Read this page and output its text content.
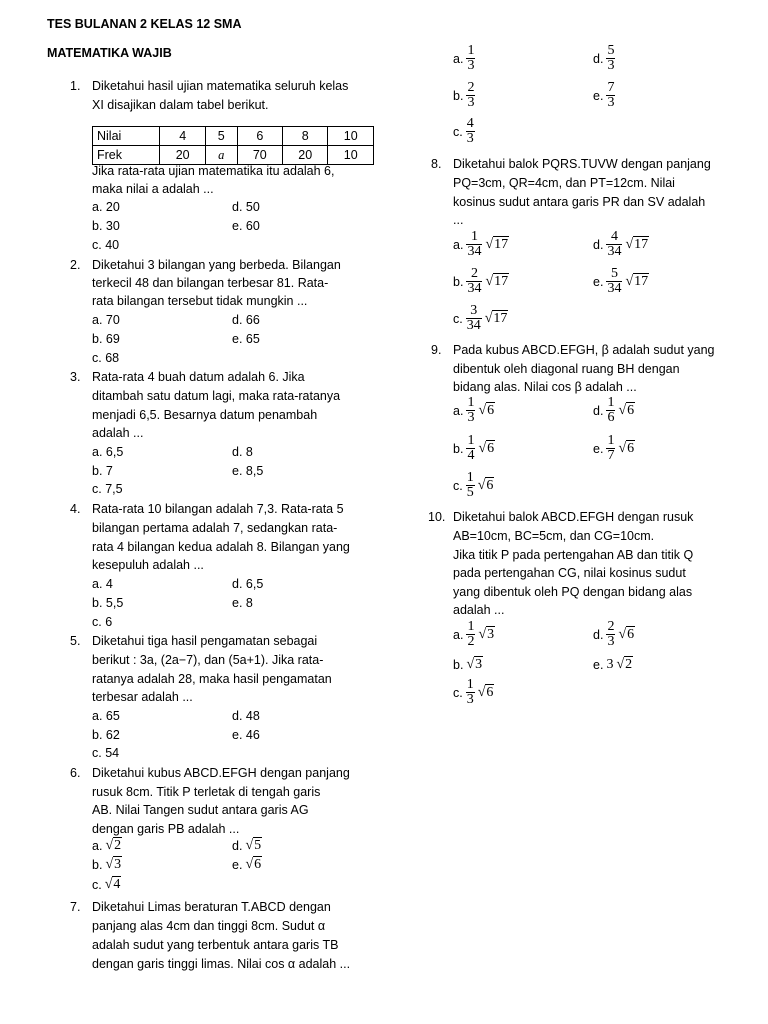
TES BULANAN 2 KELAS 12 SMA
MATEMATIKA WAJIB
1. Diketahui hasil ujian matematika seluruh kelas
XI disajikan dalam tabel berikut.
Nilai	4	5	6	8	10
Frek	20	a	70	20	10
Jika rata-rata ujian matematika itu adalah 6,
maka nilai a adalah ...
a. 20
b. 30
c. 40
d. 50
e. 60
2. Diketahui 3 bilangan yang berbeda. Bilangan
terkecil 48 dan bilangan terbesar 81. Rata-
rata bilangan tersebut tidak mungkin ...
a. 70
b. 69
c. 68
d. 66
e. 65
3. Rata-rata 4 buah datum adalah 6. Jika
ditambah satu datum lagi, maka rata-ratanya
menjadi 6,5. Besarnya datum penambah
adalah ...
a. 6,5
b. 7
c. 7,5
d. 8
e. 8,5
4. Rata-rata 10 bilangan adalah 7,3. Rata-rata 5
bilangan pertama adalah 7, sedangkan rata-
rata 4 bilangan kedua adalah 8. Bilangan yang
kesepuluh adalah ...
a. 4
b. 5,5
c. 6
d. 6,5
e. 8
5. Diketahui tiga hasil pengamatan sebagai
berikut : 3a, (2a−7), dan (5a+1). Jika rata-
ratanya adalah 28, maka hasil pengamatan
terbesar adalah ...
a. 65
b. 62
c. 54
d. 48
e. 46
6. Diketahui kubus ABCD.EFGH dengan panjang
rusuk 8cm. Titik P terletak di tengah garis
AB. Nilai Tangen sudut antara garis AG
dengan garis PB adalah ...
a. √2
b. √3
c. √4
d. √5
e. √6
7. Diketahui Limas beraturan T.ABCD dengan
panjang alas 4cm dan tinggi 8cm. Sudut α
adalah sudut yang terbentuk antara garis TB
dengan garis tinggi limas. Nilai cos α adalah ...
a. $\frac{1}{3}$
b. $\frac{2}{3}$
c. $\frac{4}{3}$
d. $\frac{5}{3}$
e. $\frac{7}{3}$
8. Diketahui balok PQRS.TUVW dengan panjang
PQ=3cm, QR=4cm, dan PT=12cm. Nilai
kosinus sudut antara garis PR dan SV adalah
...
a. $\frac{1}{34} √17$
b. $\frac{2}{34} √17$
c. $\frac{3}{34} √17$
d. $\frac{4}{34} √17$
e. $\frac{5}{34} √17$
9. Pada kubus ABCD.EFGH, β adalah sudut yang
dibentuk oleh diagonal ruang BH dengan
bidang alas. Nilai cos β adalah ...
a. $\frac{1}{3} √6$
b. $\frac{1}{4} √6$
c. $\frac{1}{5} √6$
d. $\frac{1}{6} √6$
e. $\frac{1}{7} √6$
10. Diketahui balok ABCD.EFGH dengan rusuk
AB=10cm, BC=5cm, dan CG=10cm.
Jika titik P pada pertengahan AB dan titik Q
pada pertengahan CG, nilai kosinus sudut
yang dibentuk oleh PQ dengan bidang alas
adalah ...
a. $\frac{1}{2} √3$
b. √3
c. $\frac{1}{3} √6$
d. $\frac{2}{3} √6$
e. 3 √2
